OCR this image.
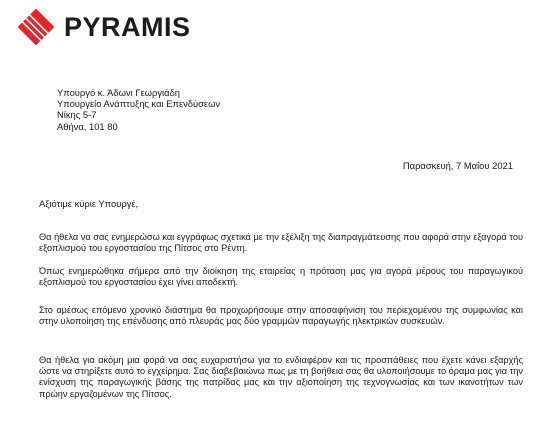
PYRAMIS
Υπουργό κ. Άδωνι Γεωργιάδη
Υπουργείο Ανάπτυξης και Επενδύσεων
Νίκης 5-7
Αθήνα, 101 80
Παρασκευή, 7 Μαΐου 2021
Αξιότιμε κύριε Υπουργέ,

Θα ήθελα να σας ενημερώσω και εγγράφως σχετικά με την εξέλιξη της διαπραγμάτευσης που αφορά στην εξαγορά του εξοπλισμού του εργοστασίου της Πίτσος στο Ρέντη.

Όπως ενημερώθηκα σήμερα από την διοίκηση της εταιρείας η πρόταση μας για αγορά μέρους του παραγωγικού εξοπλισμού του εργοστασίου έχει γίνει αποδεκτή.

Στο αμέσως επόμενο χρονικό διάστημα θα προχωρήσουμε στην αποσαφήνιση του περιεχομένου της συμφωνίας και στην υλοποίηση της επένδυσης από πλευράς μας δύο γραμμών παραγωγής ηλεκτρικών συσκευών.

Θα ήθελα για ακόμη μια φορά να σας ευχαριστήσω για το ενδιαφέρον και τις προσπάθειες που έχετε κάνει εξαρχής ώστε να στηρίξετε αυτό το εγχείρημα. Σας διαβεβαιώνω πως με τη βοήθεια σας θα υλοποιήσουμε το όραμα μας για την ενίσχυση της παραγωγικής βάσης της πατρίδας μας και την αξιοποίηση της τεχνογνωσίας και των ικανοτήτων των πρώην εργαζομένων της Πίτσος.
